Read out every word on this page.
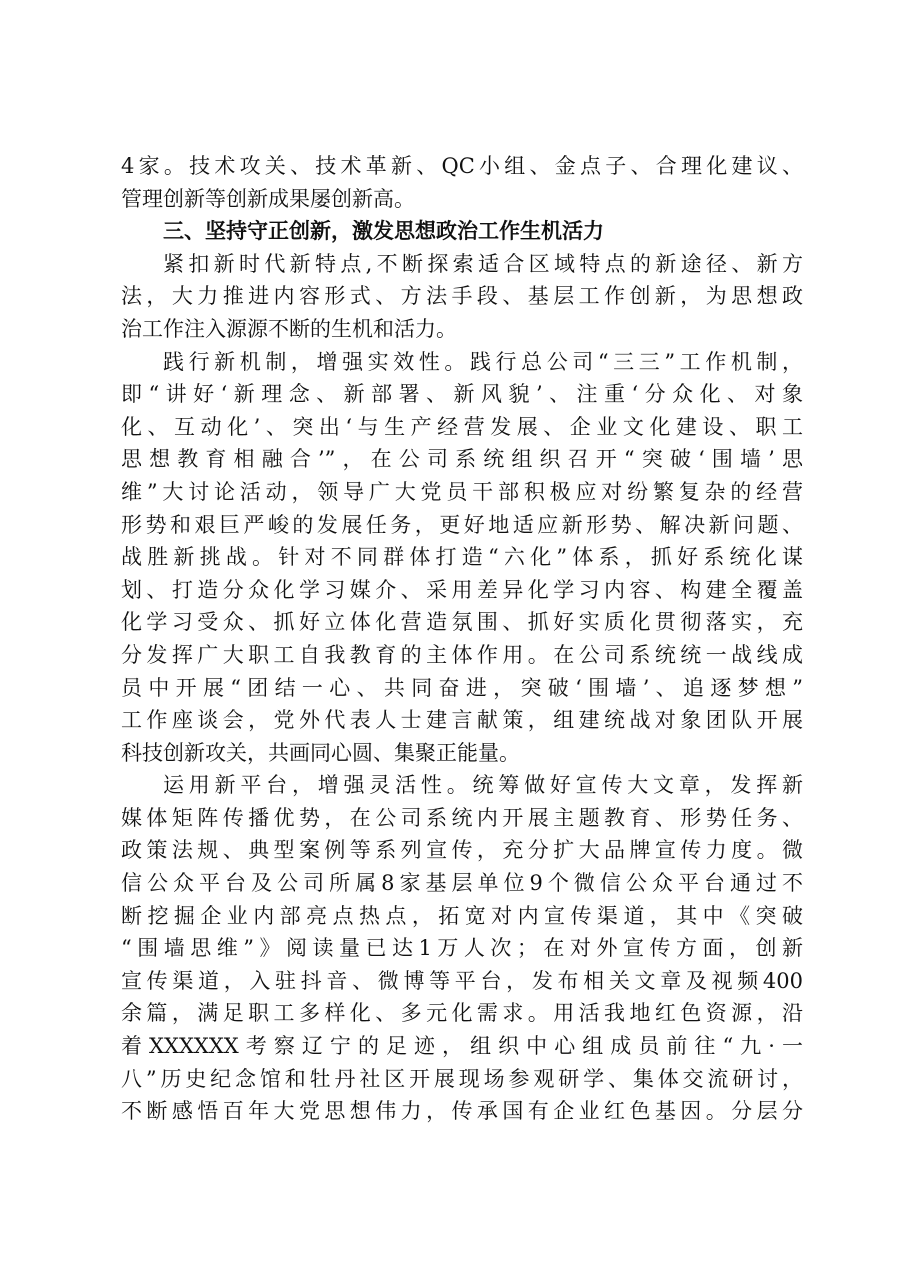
4家。技术攻关、技术革新、QC小组、金点子、合理化建议、
管理创新等创新成果屡创新高。
三、坚持守正创新，激发思想政治工作生机活力
紧扣新时代新特点,不断探索适合区域特点的新途径、新方
法，大力推进内容形式、方法手段、基层工作创新，为思想政
治工作注入源源不断的生机和活力。
践行新机制，增强实效性。践行总公司“三三”工作机制，
即“讲好‘新理念、新部署、新风貌’、注重‘分众化、对象
化、互动化’、突出‘与生产经营发展、企业文化建设、职工
思想教育相融合’”，在公司系统组织召开“突破‘围墙’思
维”大讨论活动，领导广大党员干部积极应对纷繁复杂的经营
形势和艰巨严峻的发展任务，更好地适应新形势、解决新问题、
战胜新挑战。针对不同群体打造“六化”体系，抓好系统化谋
划、打造分众化学习媒介、采用差异化学习内容、构建全覆盖
化学习受众、抓好立体化营造氛围、抓好实质化贯彻落实，充
分发挥广大职工自我教育的主体作用。在公司系统统一战线成
员中开展“团结一心、共同奋进，突破‘围墙’、追逐梦想”
工作座谈会，党外代表人士建言献策，组建统战对象团队开展
科技创新攻关，共画同心圆、集聚正能量。
运用新平台，增强灵活性。统筹做好宣传大文章，发挥新
媒体矩阵传播优势，在公司系统内开展主题教育、形势任务、
政策法规、典型案例等系列宣传，充分扩大品牌宣传力度。微
信公众平台及公司所属8家基层单位9个微信公众平台通过不
断挖掘企业内部亮点热点，拓宽对内宣传渠道，其中《突破
“围墙思维”》阅读量已达1万人次；在对外宣传方面，创新
宣传渠道，入驻抖音、微博等平台，发布相关文章及视频400
余篇，满足职工多样化、多元化需求。用活我地红色资源，沿
着XXXXXX考察辽宁的足迹，组织中心组成员前往“九·一
八”历史纪念馆和牡丹社区开展现场参观研学、集体交流研讨，
不断感悟百年大党思想伟力，传承国有企业红色基因。分层分
